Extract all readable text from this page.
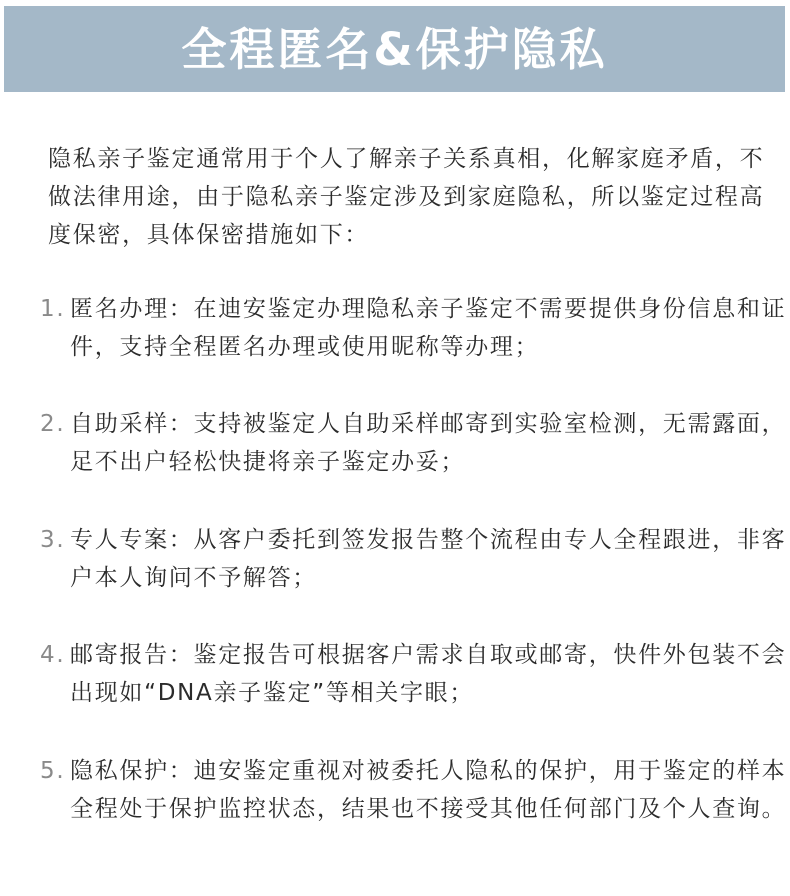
全程匿名&保护隐私

隐私亲子鉴定通常用于个人了解亲子关系真相，化解家庭矛盾，不做法律用途，由于隐私亲子鉴定涉及到家庭隐私，所以鉴定过程高度保密，具体保密措施如下：

1. 匿名办理：在迪安鉴定办理隐私亲子鉴定不需要提供身份信息和证件，支持全程匿名办理或使用昵称等办理；

2. 自助采样：支持被鉴定人自助采样邮寄到实验室检测，无需露面，足不出户轻松快捷将亲子鉴定办妥；

3. 专人专案：从客户委托到签发报告整个流程由专人全程跟进，非客户本人询问不予解答；

4. 邮寄报告：鉴定报告可根据客户需求自取或邮寄，快件外包装不会出现如“DNA亲子鉴定”等相关字眼；

5. 隐私保护：迪安鉴定重视对被委托人隐私的保护，用于鉴定的样本全程处于保护监控状态，结果也不接受其他任何部门及个人查询。
